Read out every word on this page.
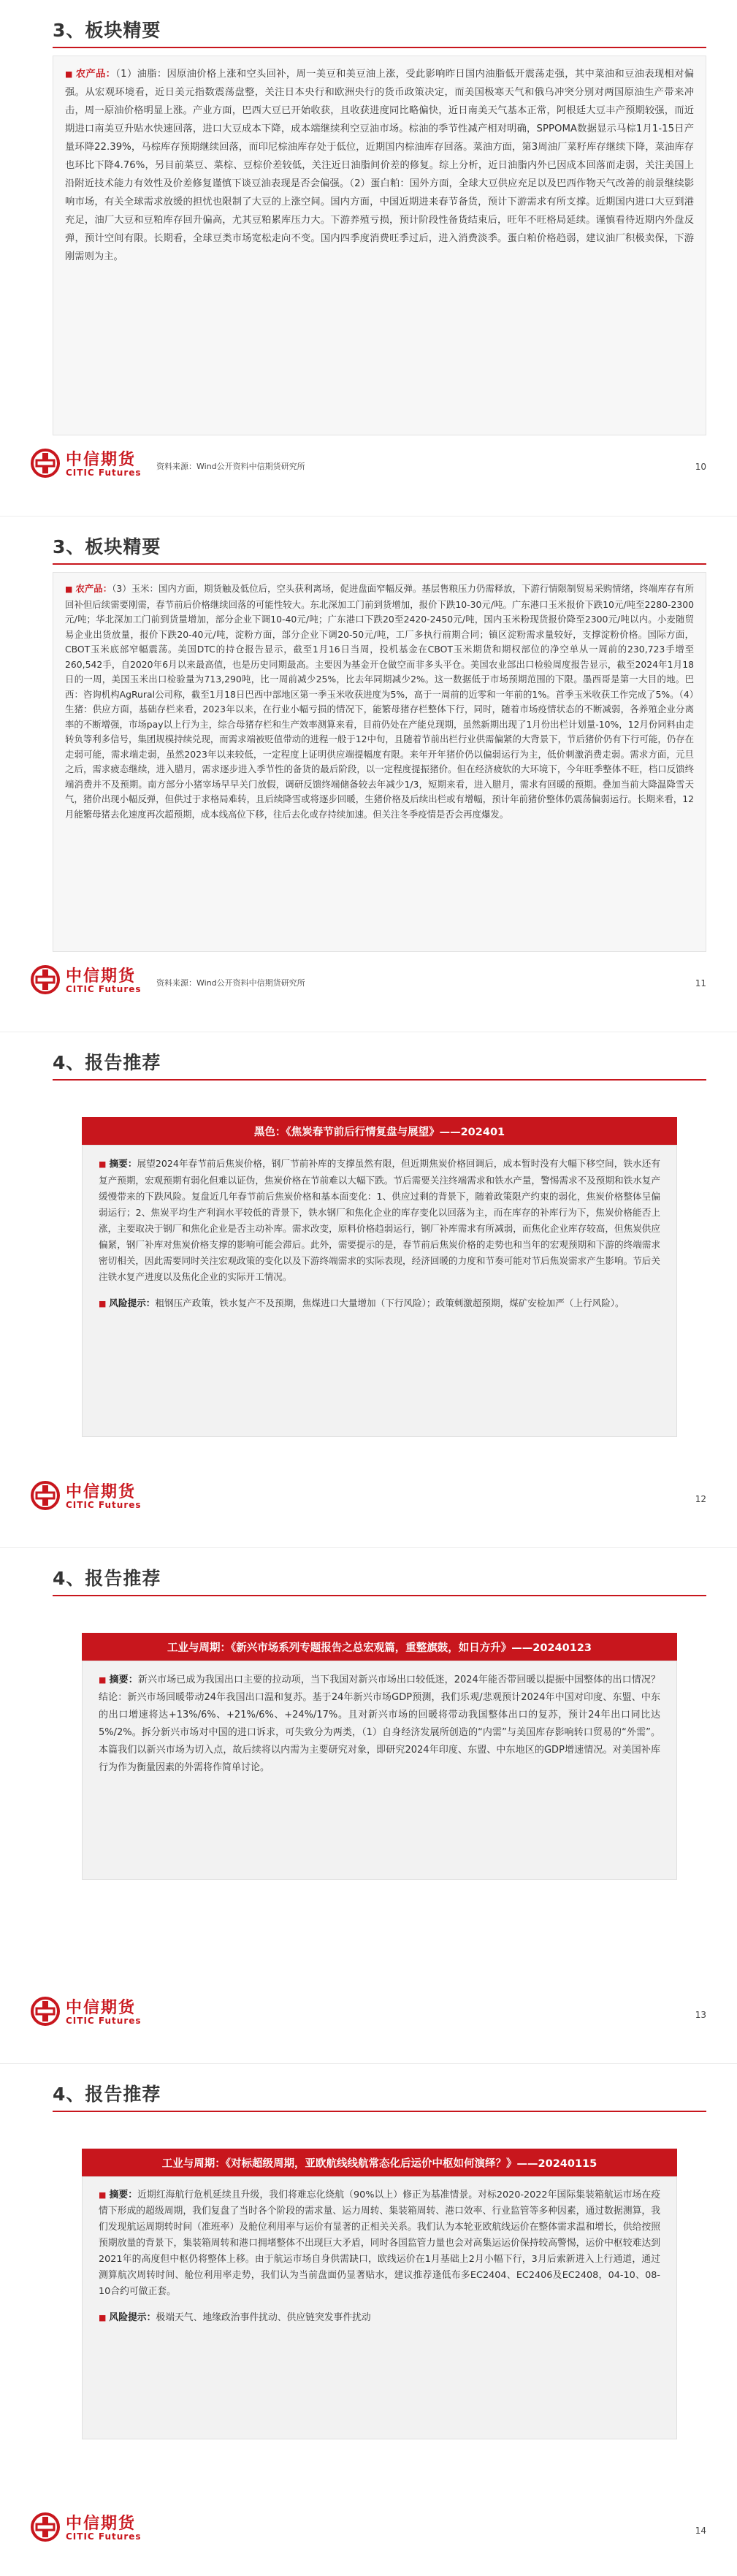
3、板块精要

■ 农产品：（1）油脂：因原油价格上涨和空头回补，周一美豆和美豆油上涨，受此影响昨日国内油脂低开震荡走强，其中菜油和豆油表现相对偏强。从宏观环境看，近日美元指数震荡盘整，关注日本央行和欧洲央行的货币政策决定，而美国极寒天气和俄乌冲突分别对两国原油生产带来冲击，周一原油价格明显上涨。产业方面，巴西大豆已开始收获，且收获进度同比略偏快，近日南美天气基本正常，阿根廷大豆丰产预期较强，而近期进口南美豆升贴水快速回落，进口大豆成本下降，成本端继续利空豆油市场。棕油的季节性减产相对明确，SPPOMA数据显示马棕1月1-15日产量环降22.39%，马棕库存预期继续回落，而印尼棕油库存处于低位，近期国内棕油库存回落。菜油方面，第3周油厂菜籽库存继续下降，菜油库存也环比下降4.76%，另目前菜豆、菜棕、豆棕价差较低，关注近日油脂间价差的修复。综上分析，近日油脂内外已因成本回落而走弱，关注美国上沿附近技术能力有效性及价差修复谨慎下谈豆油表现是否会偏强。（2）蛋白粕：国外方面，全球大豆供应充足以及巴西作物天气改善的前景继续影响市场，有关全球需求放缓的担忧也限制了大豆的上涨空间。国内方面，中国近期进来春节备货，预计下游需求有所支撑。近期国内进口大豆到港充足，油厂大豆和豆粕库存回升偏高，尤其豆粕累库压力大。下游养殖亏损，预计阶段性备货结束后，旺年不旺格局延续。谨慎看待近期内外盘反弹，预计空间有限。长期看，全球豆类市场宽松走向不变。国内四季度消费旺季过后，进入消费淡季。蛋白粕价格趋弱，建议油厂积极卖保，下游刚需则为主。

中信期货
CITIC Futures
资料来源：Wind公开资料中信期货研究所	10
3、板块精要

■ 农产品：（3）玉米：国内方面，期货触及低位后，空头获利离场，促进盘面窄幅反弹。基层售粮压力仍需释放，下游行情限制贸易采购情绪，终端库存有所回补但后续需要刚需，春节前后价格继续回落的可能性较大。东北深加工门前到货增加，报价下跌10-30元/吨。广东港口玉米报价下跌10元/吨至2280-2300元/吨；华北深加工门前到货量增加，部分企业下调10-40元/吨；广东港口下跌20至2420-2450元/吨，国内玉米粉现货报价降至2300元/吨以内。小麦随贸易企业出货放量，报价下跌20-40元/吨，淀粉方面，部分企业下调20-50元/吨，工厂多执行前期合同；镇区淀粉需求量较好，支撑淀粉价格。国际方面，CBOT玉米底部窄幅震荡。美国DTC的持仓报告显示，截至1月16日当周，投机基金在CBOT玉米期货和期权部位的净空单从一周前的230,723手增至260,542手，自2020年6月以来最高值，也是历史同期最高。主要因为基金开仓做空而非多头平仓。美国农业部出口检验周度报告显示，截至2024年1月18日的一周，美国玉米出口检验量为713,290吨，比一周前减少25%，比去年同期减少2%。这一数据低于市场预期范围的下限。墨西哥是第一大目的地。巴西：咨询机构AgRural公司称，截至1月18日巴西中部地区第一季玉米收获进度为5%，高于一周前的近零和一年前的1%。首季玉米收获工作完成了5%。（4）生猪：供应方面，基础存栏来看，2023年以来，在行业小幅亏损的情况下，能繁母猪存栏整体下行，同时，随着市场疫情状态的不断减弱，各养殖企业分离率的不断增强，市场pay以上行为主，综合母猪存栏和生产效率测算来看，目前仍处在产能兑现期，虽然新期出现了1月份出栏计划量-10%，12月份同料由走转负等利多信号，集团规模持续兑现，而需求端被贬值带动的进程一般于12中旬，且随着节前出栏行业供需偏紧的大背景下，节后猪价仍有下行可能，仍存在走弱可能，需求端走弱，虽然2023年以来较低，一定程度上证明供应端提幅度有限。来年开年猪价仍以偏弱运行为主，低价刺激消费走弱。需求方面，元旦之后，需求疲态继续，进入腊月，需求逐步进入季节性的备货的最后阶段，以一定程度提振猪价。但在经济疲软的大环境下，今年旺季整体不旺，档口反馈终端消费并不及预期。南方部分小猪宰场早早关门放假，调研反馈终端储备较去年减少1/3，短期来看，进入腊月，需求有回暖的预期。叠加当前大降温降雪天气，猪价出现小幅反弹，但供过于求格局难转，且后续降雪或将逐步回暖，生猪价格及后续出栏或有增幅，预计年前猪价整体仍震荡偏弱运行。长期来看，12月能繁母猪去化速度再次超预期，成本线高位下移，往后去化或存持续加速。但关注冬季疫情是否会再度爆发。

中信期货
CITIC Futures
资料来源：Wind公开资料中信期货研究所	11
4、报告推荐
黑色：《焦炭春节前后行情复盘与展望》——202401

■ 摘要：展望2024年春节前后焦炭价格，钢厂节前补库的支撑虽然有限，但近期焦炭价格回调后，成本暂时没有大幅下移空间，铁水还有复产预期，宏观预期有弱化但难以证伪，焦炭价格在节前难以大幅下跌。节后需要关注终端需求和铁水产量，警惕需求不及预期和铁水复产缓慢带来的下跌风险。复盘近几年春节前后焦炭价格和基本面变化：1、供应过剩的背景下，随着政策限产约束的弱化，焦炭价格整体呈偏弱运行；2、焦炭平均生产利润水平较低的背景下，铁水钢厂和焦化企业的库存变化以回落为主，而在库存的补库行为下，焦炭价格能否上涨，主要取决于钢厂和焦化企业是否主动补库。需求改变，原料价格趋弱运行，钢厂补库需求有所减弱，而焦化企业库存较高，但焦炭供应偏紧，钢厂补库对焦炭价格支撑的影响可能会滞后。此外，需要提示的是，春节前后焦炭价格的走势也和当年的宏观预期和下游的终端需求密切相关，因此需要同时关注宏观政策的变化以及下游终端需求的实际表现，经济回暖的力度和节奏可能对节后焦炭需求产生影响。节后关注铁水复产进度以及焦化企业的实际开工情况。

■ 风险提示：粗钢压产政策，铁水复产不及预期，焦煤进口大量增加（下行风险）；政策刺激超预期，煤矿安检加严（上行风险）。

中信期货
CITIC Futures
12
4、报告推荐
工业与周期：《新兴市场系列专题报告之总宏观篇，重整旗鼓，如日方升》——20240123

■ 摘要：新兴市场已成为我国出口主要的拉动项，当下我国对新兴市场出口较低迷，2024年能否带回暖以提振中国整体的出口情况？结论：新兴市场回暖带动24年我国出口温和复苏。基于24年新兴市场GDP预测，我们乐观/悲观预计2024年中国对印度、东盟、中东的出口增速将达+13%/6%、+21%/6%、+24%/17%。且对新兴市场的回暖将带动我国整体出口的复苏，预计24年出口同比达5%/2%。拆分新兴市场对中国的进口诉求，可失致分为两类，（1）自身经济发展所创造的“内需”与美国库存影响转口贸易的“外需”。本篇我们以新兴市场为切入点，故后续将以内需为主要研究对象，即研究2024年印度、东盟、中东地区的GDP增速情况。对美国补库行为作为衡量因素的外需将作简单讨论。

中信期货
CITIC Futures
13
4、报告推荐
工业与周期：《对标超级周期，亚欧航线线航常态化后运价中枢如何演绎？》——20240115

■ 摘要：近期红海航行危机延续且升级，我们将难忘化绕航（90%以上）修正为基准情景。对标2020-2022年国际集装箱航运市场在疫情下形成的超级周期，我们复盘了当时各个阶段的需求量、运力周转、集装箱周转、港口效率、行业监管等多种因素，通过数据测算，我们发现航运周期转时间（准班率）及舱位利用率与运价有显著的正相关关系。我们认为本轮亚欧航线运价在整体需求温和增长，供给按照预期放量的背景下，集装箱周转和港口拥堵整体不出现巨大矛盾，同时各国监管力量也会对高集运运价保持较高警惕，运价中枢较难达到2021年的高度但中枢仍将整体上移。由于航运市场自身供需缺口，欧线运价在1月基础上2月小幅下行，3月后索新进入上行通道，通过测算航次周转时间、舱位利用率走势，我们认为当前盘面仍显著贴水，建议推荐逢低布多EC2404、EC2406及EC2408，04-10、08-10合约可做正套。

■ 风险提示：极端天气、地缘政治事件扰动、供应链突发事件扰动

中信期货
CITIC Futures
14
